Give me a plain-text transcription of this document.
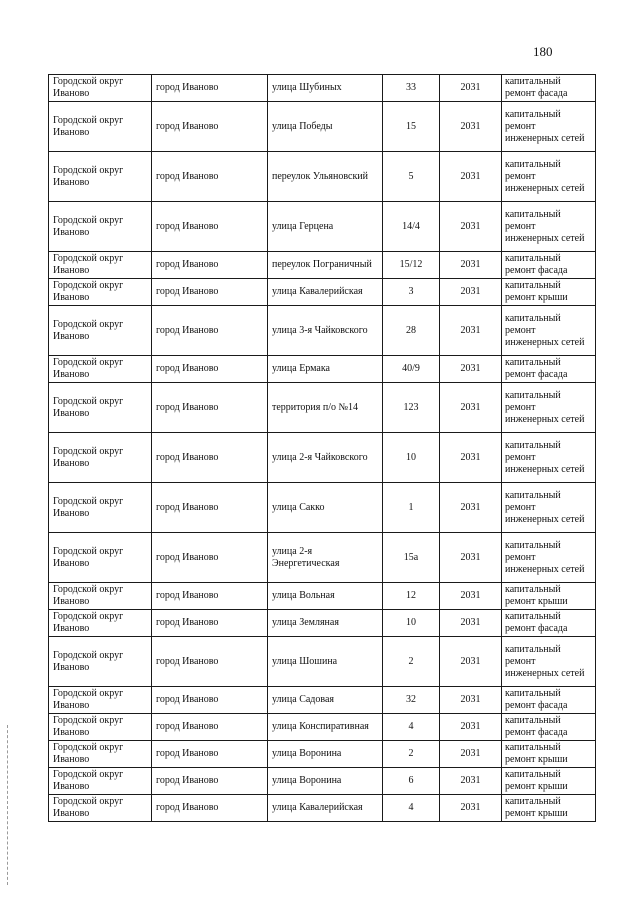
180
Городской округ Иваново	город Иваново	улица Шубиных	33	2031	капитальный ремонт фасада
Городской округ Иваново	город Иваново	улица Победы	15	2031	капитальный ремонт инженерных сетей
Городской округ Иваново	город Иваново	переулок Ульяновский	5	2031	капитальный ремонт инженерных сетей
Городской округ Иваново	город Иваново	улица Герцена	14/4	2031	капитальный ремонт инженерных сетей
Городской округ Иваново	город Иваново	переулок Пограничный	15/12	2031	капитальный ремонт фасада
Городской округ Иваново	город Иваново	улица Кавалерийская	3	2031	капитальный ремонт крыши
Городской округ Иваново	город Иваново	улица 3-я Чайковского	28	2031	капитальный ремонт инженерных сетей
Городской округ Иваново	город Иваново	улица Ермака	40/9	2031	капитальный ремонт фасада
Городской округ Иваново	город Иваново	территория п/о №14	123	2031	капитальный ремонт инженерных сетей
Городской округ Иваново	город Иваново	улица 2-я Чайковского	10	2031	капитальный ремонт инженерных сетей
Городской округ Иваново	город Иваново	улица Сакко	1	2031	капитальный ремонт инженерных сетей
Городской округ Иваново	город Иваново	улица 2-я Энергетическая	15а	2031	капитальный ремонт инженерных сетей
Городской округ Иваново	город Иваново	улица Вольная	12	2031	капитальный ремонт крыши
Городской округ Иваново	город Иваново	улица Земляная	10	2031	капитальный ремонт фасада
Городской округ Иваново	город Иваново	улица Шошина	2	2031	капитальный ремонт инженерных сетей
Городской округ Иваново	город Иваново	улица Садовая	32	2031	капитальный ремонт фасада
Городской округ Иваново	город Иваново	улица Конспиративная	4	2031	капитальный ремонт фасада
Городской округ Иваново	город Иваново	улица Воронина	2	2031	капитальный ремонт крыши
Городской округ Иваново	город Иваново	улица Воронина	6	2031	капитальный ремонт крыши
Городской округ Иваново	город Иваново	улица Кавалерийская	4	2031	капитальный ремонт крыши
